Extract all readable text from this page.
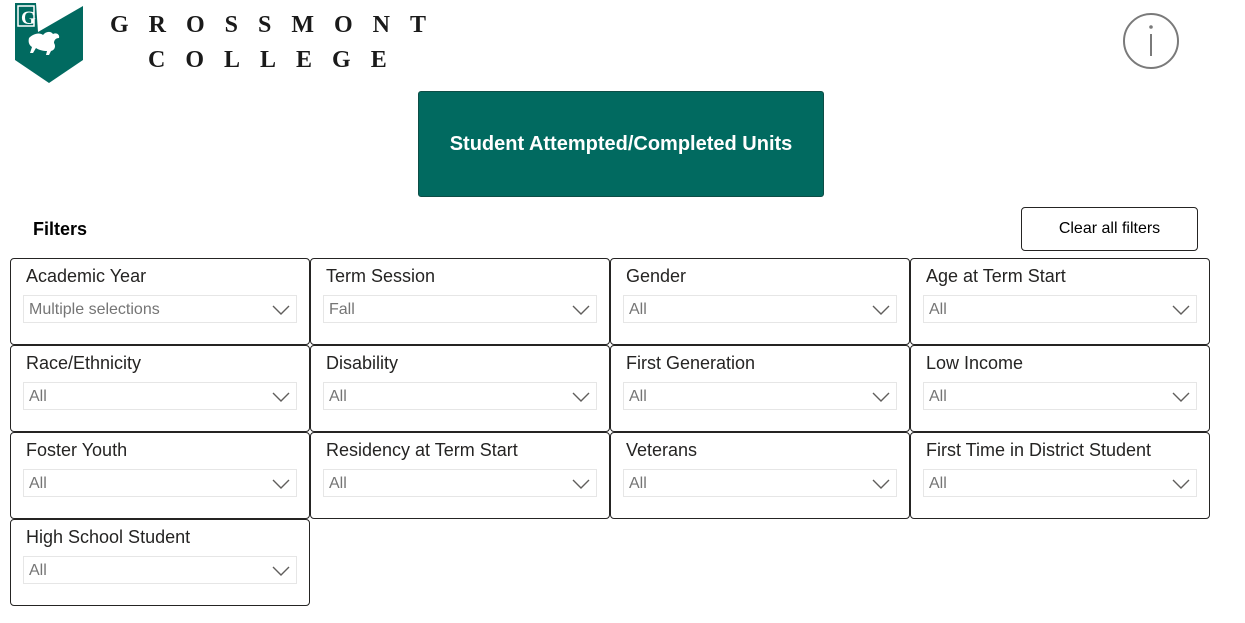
G	GROSSMONT
COLLEGE
Student Attempted/Completed Units
Filters	Clear all filters
Academic Year
Multiple selections
Term Session
Fall
Gender
All
Age at Term Start
All
Race/Ethnicity
All
Disability
All
First Generation
All
Low Income
All
Foster Youth
All
Residency at Term Start
All
Veterans
All
First Time in District Student
All
High School Student
All
